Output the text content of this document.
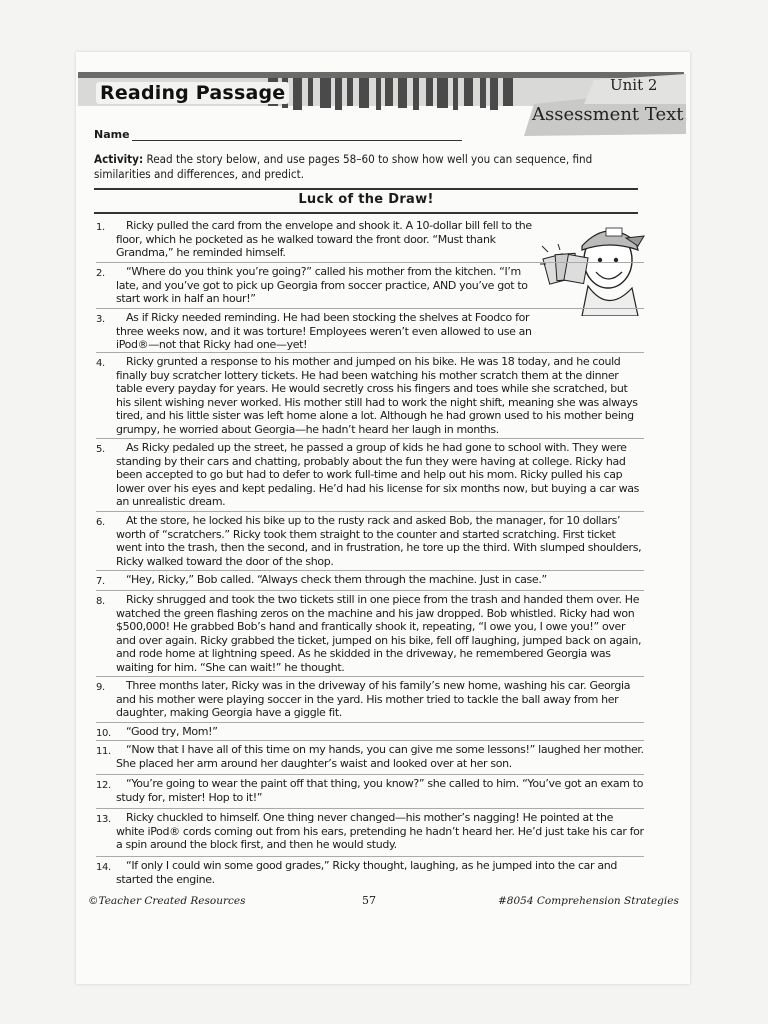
Reading Passage	Unit 2
Assessment Text
Name
Activity: Read the story below, and use pages 58–60 to show how well you can sequence, find similarities and differences, and predict.
Luck of the Draw!
1.	Ricky pulled the card from the envelope and shook it. A 10-dollar bill fell to the floor, which he pocketed as he walked toward the front door. “Must thank Grandma,” he reminded himself.
2.	“Where do you think you’re going?” called his mother from the kitchen. “I’m late, and you’ve got to pick up Georgia from soccer practice, AND you’ve got to start work in half an hour!”
3.	As if Ricky needed reminding. He had been stocking the shelves at Foodco for three weeks now, and it was torture! Employees weren’t even allowed to use an iPod®—not that Ricky had one—yet!
4.	Ricky grunted a response to his mother and jumped on his bike. He was 18 today, and he could finally buy scratcher lottery tickets. He had been watching his mother scratch them at the dinner table every payday for years. He would secretly cross his fingers and toes while she scratched, but his silent wishing never worked. His mother still had to work the night shift, meaning she was always tired, and his little sister was left home alone a lot. Although he had grown used to his mother being grumpy, he worried about Georgia—he hadn’t heard her laugh in months.
5.	As Ricky pedaled up the street, he passed a group of kids he had gone to school with. They were standing by their cars and chatting, probably about the fun they were having at college. Ricky had been accepted to go but had to defer to work full-time and help out his mom. Ricky pulled his cap lower over his eyes and kept pedaling. He’d had his license for six months now, but buying a car was an unrealistic dream.
6.	At the store, he locked his bike up to the rusty rack and asked Bob, the manager, for 10 dollars’ worth of “scratchers.” Ricky took them straight to the counter and started scratching. First ticket went into the trash, then the second, and in frustration, he tore up the third. With slumped shoulders, Ricky walked toward the door of the shop.
7.	“Hey, Ricky,” Bob called. “Always check them through the machine. Just in case.”
8.	Ricky shrugged and took the two tickets still in one piece from the trash and handed them over. He watched the green flashing zeros on the machine and his jaw dropped. Bob whistled. Ricky had won $500,000! He grabbed Bob’s hand and frantically shook it, repeating, “I owe you, I owe you!” over and over again. Ricky grabbed the ticket, jumped on his bike, fell off laughing, jumped back on again, and rode home at lightning speed. As he skidded in the driveway, he remembered Georgia was waiting for him. “She can wait!” he thought.
9.	Three months later, Ricky was in the driveway of his family’s new home, washing his car. Georgia and his mother were playing soccer in the yard. His mother tried to tackle the ball away from her daughter, making Georgia have a giggle fit.
10.	“Good try, Mom!”
11.	“Now that I have all of this time on my hands, you can give me some lessons!” laughed her mother. She placed her arm around her daughter’s waist and looked over at her son.
12.	“You’re going to wear the paint off that thing, you know?” she called to him. “You’ve got an exam to study for, mister! Hop to it!”
13.	Ricky chuckled to himself. One thing never changed—his mother’s nagging! He pointed at the white iPod® cords coming out from his ears, pretending he hadn’t heard her. He’d just take his car for a spin around the block first, and then he would study.
14.	“If only I could win some good grades,” Ricky thought, laughing, as he jumped into the car and started the engine.
©Teacher Created Resources	57	#8054 Comprehension Strategies
